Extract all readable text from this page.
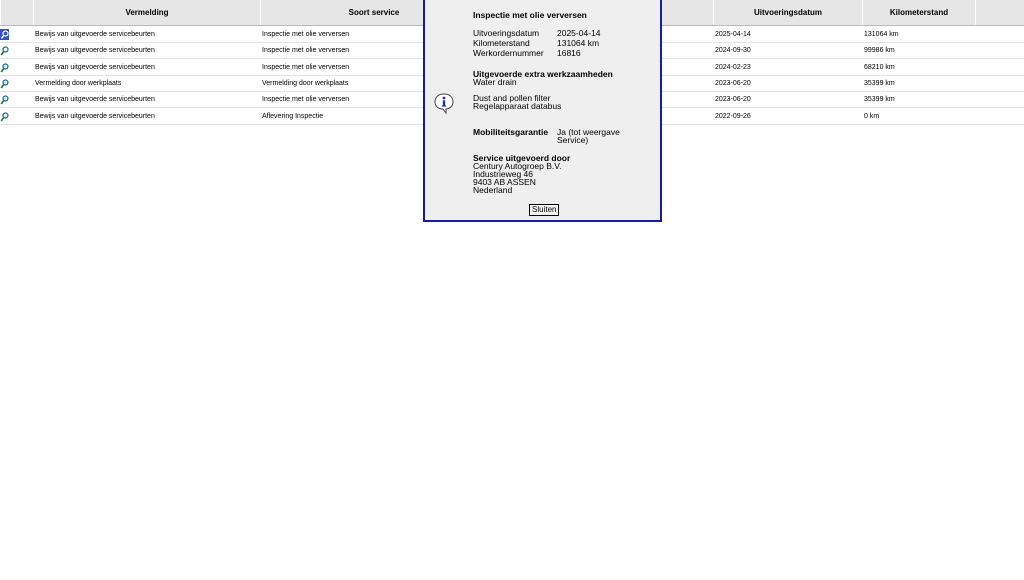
Vermelding	Soort service	Uitvoeringsdatum	Kilometerstand
Bewijs van uitgevoerde servicebeurten	Inspectie met olie verversen	2025-04-14	131064 km
Bewijs van uitgevoerde servicebeurten	Inspectie met olie verversen	2024-09-30	99986 km
Bewijs van uitgevoerde servicebeurten	Inspectie met olie verversen	2024-02-23	68210 km
Vermelding door werkplaats	Vermelding door werkplaats	2023-06-20	35399 km
Bewijs van uitgevoerde servicebeurten	Inspectie met olie verversen	2023-06-20	35399 km
Bewijs van uitgevoerde servicebeurten	Aflevering Inspectie	2022-09-26	0 km
Inspectie met olie verversen
Uitvoeringsdatum 2025-04-14
Kilometerstand	131064 km
Werkordernummer 16816
Uitgevoerde extra werkzaamheden
Water drain
Dust and pollen filter
Regelapparaat databus
Mobiliteitsgarantie Ja (tot weergave
Service)
Service uitgevoerd door
Century Autogroep B.V.
Industrieweg 46
9403 AB ASSEN
Nederland
Sluiten
